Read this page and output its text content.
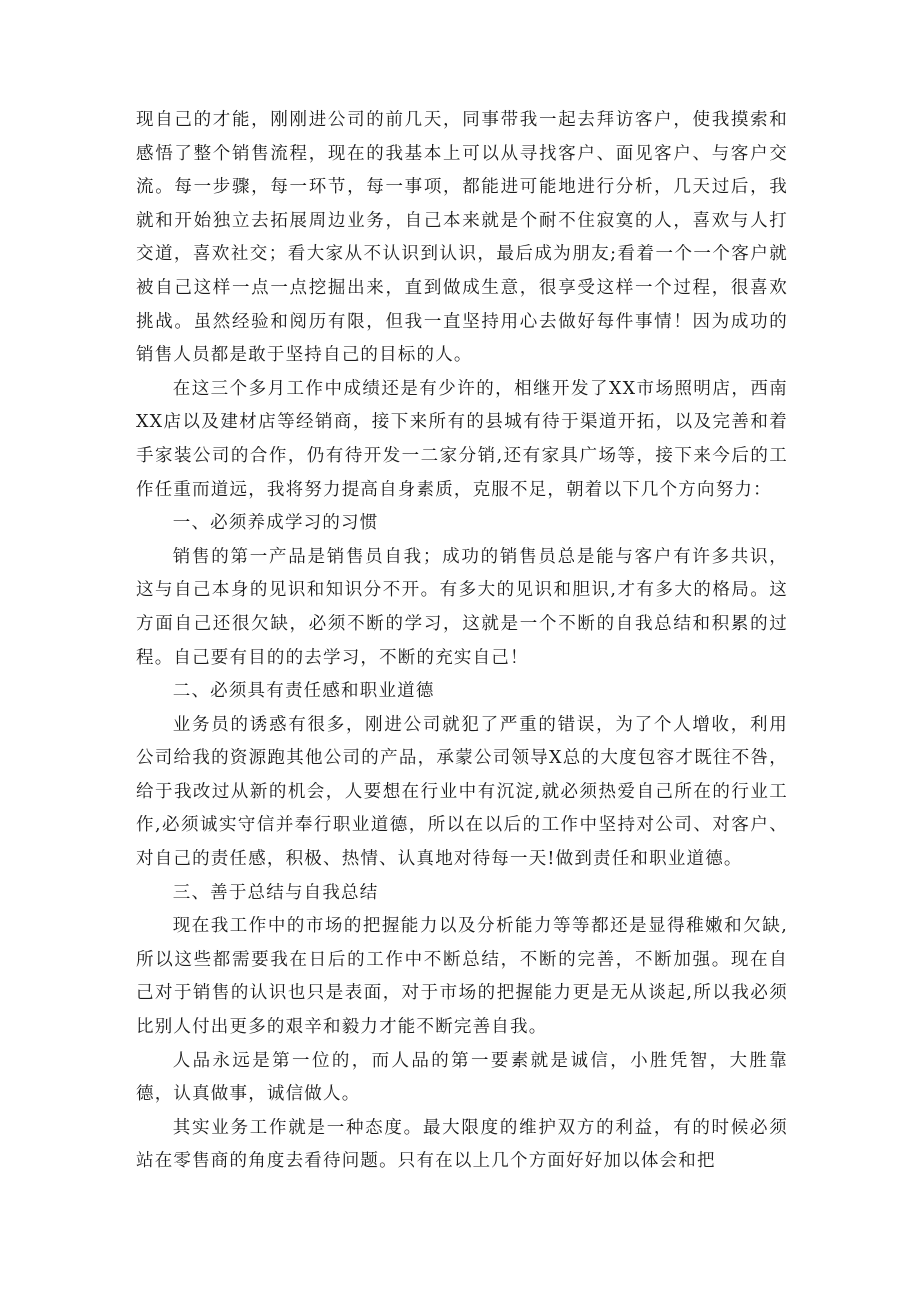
现自己的才能，刚刚进公司的前几天，同事带我一起去拜访客户，使我摸索和感悟了整个销售流程，现在的我基本上可以从寻找客户、面见客户、与客户交流。每一步骤，每一环节，每一事项，都能进可能地进行分析，几天过后，我就和开始独立去拓展周边业务，自己本来就是个耐不住寂寞的人，喜欢与人打交道，喜欢社交；看大家从不认识到认识，最后成为朋友;看着一个一个客户就被自己这样一点一点挖掘出来，直到做成生意，很享受这样一个过程，很喜欢挑战。虽然经验和阅历有限，但我一直坚持用心去做好每件事情！因为成功的销售人员都是敢于坚持自己的目标的人。

在这三个多月工作中成绩还是有少许的，相继开发了XX市场照明店，西南XX店以及建材店等经销商，接下来所有的县城有待于渠道开拓，以及完善和着手家装公司的合作，仍有待开发一二家分销,还有家具广场等，接下来今后的工作任重而道远，我将努力提高自身素质，克服不足，朝着以下几个方向努力：

一、必须养成学习的习惯

销售的第一产品是销售员自我；成功的销售员总是能与客户有许多共识，这与自己本身的见识和知识分不开。有多大的见识和胆识,才有多大的格局。这方面自己还很欠缺，必须不断的学习，这就是一个不断的自我总结和积累的过程。自己要有目的的去学习，不断的充实自己！

二、必须具有责任感和职业道德

业务员的诱惑有很多，刚进公司就犯了严重的错误，为了个人增收，利用公司给我的资源跑其他公司的产品，承蒙公司领导X总的大度包容才既往不咎，给于我改过从新的机会，人要想在行业中有沉淀,就必须热爱自己所在的行业工作,必须诚实守信并奉行职业道德，所以在以后的工作中坚持对公司、对客户、对自己的责任感，积极、热情、认真地对待每一天!做到责任和职业道德。

三、善于总结与自我总结

现在我工作中的市场的把握能力以及分析能力等等都还是显得稚嫩和欠缺,所以这些都需要我在日后的工作中不断总结，不断的完善，不断加强。现在自己对于销售的认识也只是表面，对于市场的把握能力更是无从谈起,所以我必须比别人付出更多的艰辛和毅力才能不断完善自我。

人品永远是第一位的，而人品的第一要素就是诚信，小胜凭智，大胜靠德，认真做事，诚信做人。

其实业务工作就是一种态度。最大限度的维护双方的利益，有的时候必须站在零售商的角度去看待问题。只有在以上几个方面好好加以体会和把
